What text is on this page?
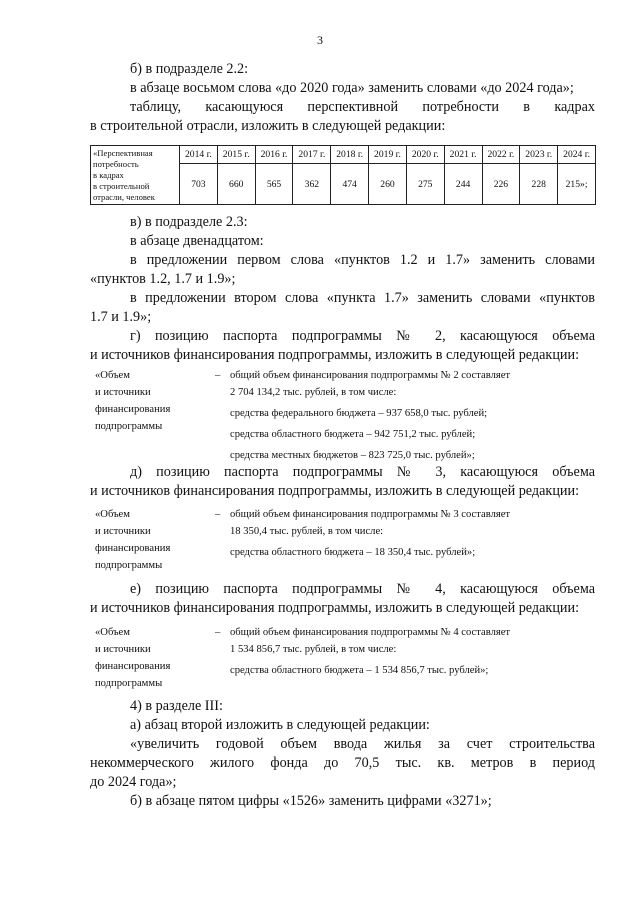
3

б) в подразделе 2.2:

в абзаце восьмом слова «до 2020 года» заменить словами «до 2024 года»;

таблицу, касающуюся перспективной потребности в кадрах

в строительной отрасли, изложить в следующей редакции:

«Перспективная
потребность
в кадрах
в строительной
отрасли, человек	2014 г.	2015 г.	2016 г.	2017 г.	2018 г.	2019 г.	2020 г.	2021 г.	2022 г.	2023 г.	2024 г.
	703	660	565	362	474	260	275	244	226	228	215»;

в) в подразделе 2.3:

в абзаце двенадцатом:

в предложении первом слова «пунктов 1.2 и 1.7» заменить словами

«пунктов 1.2, 1.7 и 1.9»;

в предложении втором слова «пункта 1.7» заменить словами «пунктов

1.7 и 1.9»;

г) позицию паспорта подпрограммы № 2, касающуюся объема

и источников финансирования подпрограммы, изложить в следующей редакции:

«Объем
и источники
финансирования
подпрограммы
– общий объем финансирования подпрограммы № 2 составляет
2 704 134,2 тыс. рублей, в том числе:
средства федерального бюджета – 937 658,0 тыс. рублей;
средства областного бюджета – 942 751,2 тыс. рублей;
средства местных бюджетов – 823 725,0 тыс. рублей»;

д) позицию паспорта подпрограммы № 3, касающуюся объема

и источников финансирования подпрограммы, изложить в следующей редакции:

«Объем
и источники
финансирования
подпрограммы
– общий объем финансирования подпрограммы № 3 составляет
18 350,4 тыс. рублей, в том числе:
средства областного бюджета – 18 350,4 тыс. рублей»;

е) позицию паспорта подпрограммы № 4, касающуюся объема

и источников финансирования подпрограммы, изложить в следующей редакции:

«Объем
и источники
финансирования
подпрограммы
– общий объем финансирования подпрограммы № 4 составляет
1 534 856,7 тыс. рублей, в том числе:
средства областного бюджета – 1 534 856,7 тыс. рублей»;

4) в разделе III:

а) абзац второй изложить в следующей редакции:

«увеличить годовой объем ввода жилья за счет строительства

некоммерческого жилого фонда до 70,5 тыс. кв. метров в период

до 2024 года»;

б) в абзаце пятом цифры «1526» заменить цифрами «3271»;
